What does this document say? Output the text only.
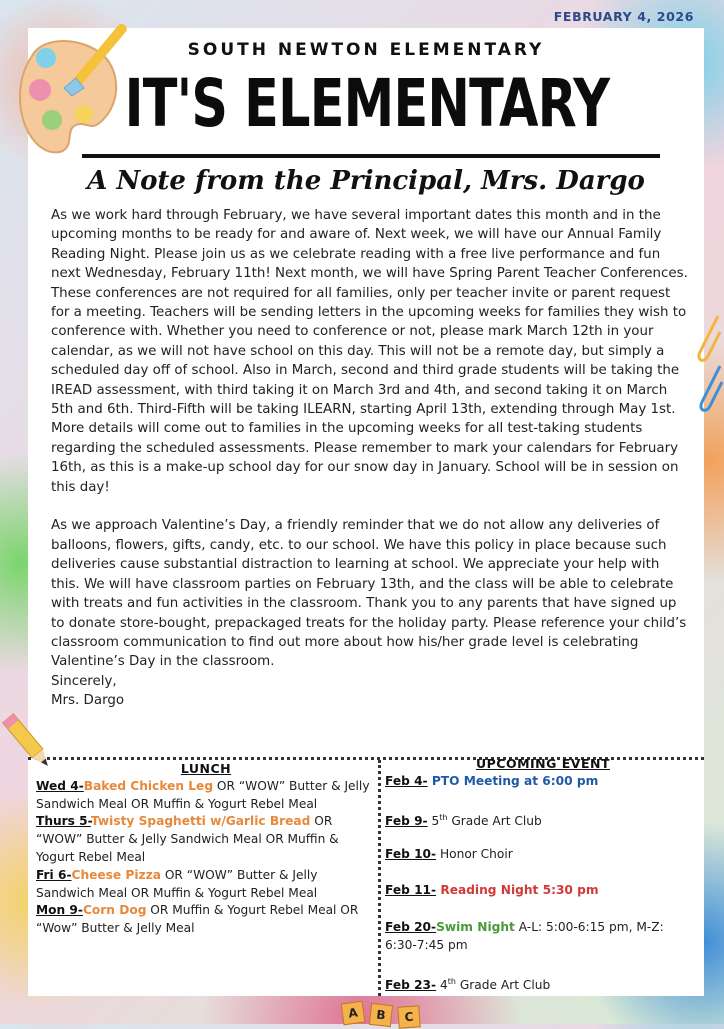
FEBRUARY 4, 2026
SOUTH NEWTON ELEMENTARY
IT'S ELEMENTARY
A Note from the Principal, Mrs. Dargo

As we work hard through February, we have several important dates this month and in the upcoming months to be ready for and aware of. Next week, we will have our Annual Family Reading Night. Please join us as we celebrate reading with a free live performance and fun next Wednesday, February 11th! Next month, we will have Spring Parent Teacher Conferences. These conferences are not required for all families, only per teacher invite or parent request for a meeting. Teachers will be sending letters in the upcoming weeks for families they wish to conference with. Whether you need to conference or not, please mark March 12th in your calendar, as we will not have school on this day. This will not be a remote day, but simply a scheduled day off of school. Also in March, second and third grade students will be taking the IREAD assessment, with third taking it on March 3rd and 4th, and second taking it on March 5th and 6th. Third-Fifth will be taking ILEARN, starting April 13th, extending through May 1st. More details will come out to families in the upcoming weeks for all test-taking students regarding the scheduled assessments. Please remember to mark your calendars for February 16th, as this is a make-up school day for our snow day in January. School will be in session on this day!

As we approach Valentine’s Day, a friendly reminder that we do not allow any deliveries of balloons, flowers, gifts, candy, etc. to our school. We have this policy in place because such deliveries cause substantial distraction to learning at school. We appreciate your help with this. We will have classroom parties on February 13th, and the class will be able to celebrate with treats and fun activities in the classroom. Thank you to any parents that have signed up to donate store-bought, prepackaged treats for the holiday party. Please reference your child’s classroom communication to find out more about how his/her grade level is celebrating Valentine’s Day in the classroom.

Sincerely,

Mrs. Dargo

LUNCH
Wed 4-Baked Chicken Leg OR “WOW” Butter & Jelly Sandwich Meal OR Muffin & Yogurt Rebel Meal
Thurs 5-Twisty Spaghetti w/Garlic Bread OR “WOW” Butter & Jelly Sandwich Meal OR Muffin & Yogurt Rebel Meal
Fri 6-Cheese Pizza OR “WOW” Butter & Jelly Sandwich Meal OR Muffin & Yogurt Rebel Meal
Mon 9-Corn Dog OR Muffin & Yogurt Rebel Meal OR “Wow” Butter & Jelly Meal
UPCOMING EVENT
Feb 4- PTO Meeting at 6:00 pm
Feb 9- 5th Grade Art Club
Feb 10- Honor Choir
Feb 11- Reading Night 5:30 pm
Feb 20-Swim Night A-L: 5:00-6:15 pm, M-Z: 6:30-7:45 pm
Feb 23- 4th Grade Art Club
A	B	C
